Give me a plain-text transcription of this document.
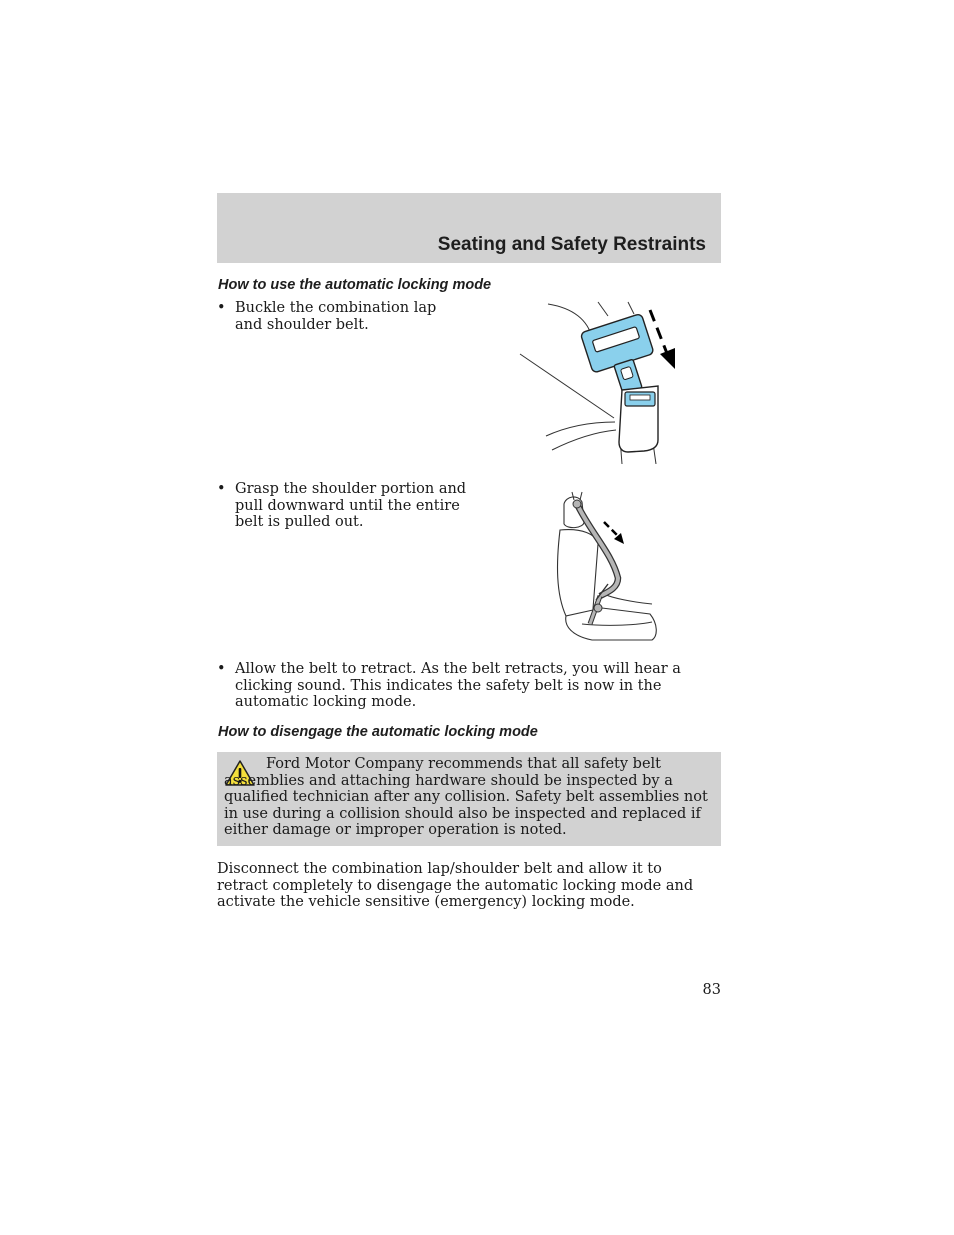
Seating and Safety Restraints
How to use the automatic locking mode

• Buckle the combination lap and shoulder belt.

• Grasp the shoulder portion and pull downward until the entire belt is pulled out.

• Allow the belt to retract. As the belt retracts, you will hear a clicking sound. This indicates the safety belt is now in the automatic locking mode.

How to disengage the automatic locking mode

Ford Motor Company recommends that all safety belt assemblies and attaching hardware should be inspected by a qualified technician after any collision. Safety belt assemblies not in use during a collision should also be inspected and replaced if either damage or improper operation is noted.

Disconnect the combination lap/shoulder belt and allow it to retract completely to disengage the automatic locking mode and activate the vehicle sensitive (emergency) locking mode.

83
